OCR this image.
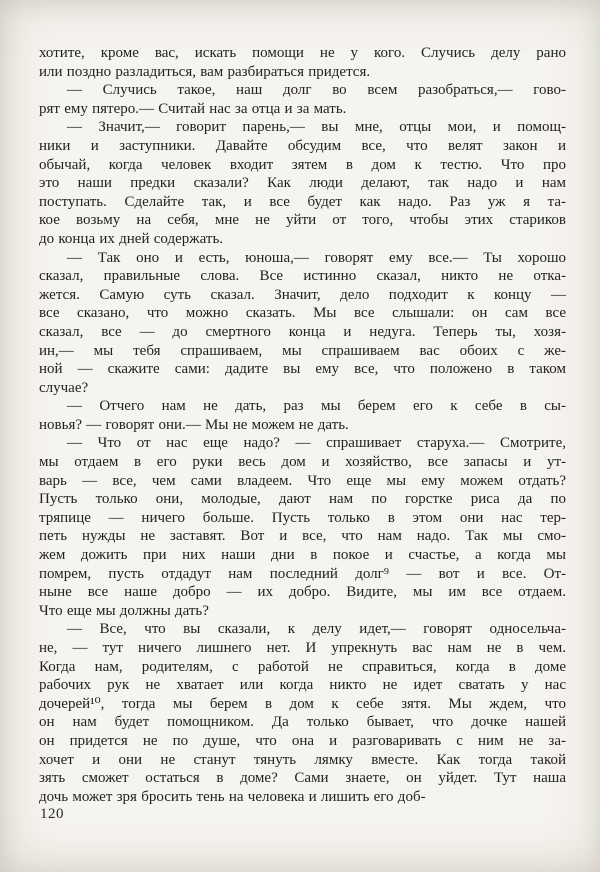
хотите, кроме вас, искать помощи не у кого. Случись делу рано
или поздно разладиться, вам разбираться придется.
— Случись такое, наш долг во всем разобраться,— гово-
рят ему пятеро.— Считай нас за отца и за мать.
— Значит,— говорит парень,— вы мне, отцы мои, и помощ-
ники и заступники. Давайте обсудим все, что велят закон и
обычай, когда человек входит зятем в дом к тестю. Что про
это наши предки сказали? Как люди делают, так надо и нам
поступать. Сделайте так, и все будет как надо. Раз уж я та-
кое возьму на себя, мне не уйти от того, чтобы этих стариков
до конца их дней содержать.
— Так оно и есть, юноша,— говорят ему все.— Ты хорошо
сказал, правильные слова. Все истинно сказал, никто не отка-
жется. Самую суть сказал. Значит, дело подходит к концу —
все сказано, что можно сказать. Мы все слышали: он сам все
сказал, все — до смертного конца и недуга. Теперь ты, хозя-
ин,— мы тебя спрашиваем, мы спрашиваем вас обоих с же-
ной — скажите сами: дадите вы ему все, что положено в таком
случае?
— Отчего нам не дать, раз мы берем его к себе в сы-
новья? — говорят они.— Мы не можем не дать.
— Что от нас еще надо? — спрашивает старуха.— Смотрите,
мы отдаем в его руки весь дом и хозяйство, все запасы и ут-
варь — все, чем сами владеем. Что еще мы ему можем отдать?
Пусть только они, молодые, дают нам по горстке риса да по
тряпице — ничего больше. Пусть только в этом они нас тер-
петь нужды не заставят. Вот и все, что нам надо. Так мы смо-
жем дожить при них наши дни в покое и счастье, а когда мы
помрем, пусть отдадут нам последний долг⁹ — вот и все. От-
ныне все наше добро — их добро. Видите, мы им все отдаем.
Что еще мы должны дать?
— Все, что вы сказали, к делу идет,— говорят односельча-
не, — тут ничего лишнего нет. И упрекнуть вас нам не в чем.
Когда нам, родителям, с работой не справиться, когда в доме
рабочих рук не хватает или когда никто не идет сватать у нас
дочерей¹⁰, тогда мы берем в дом к себе зятя. Мы ждем, что
он нам будет помощником. Да только бывает, что дочке нашей
он придется не по душе, что она и разговаривать с ним не за-
хочет и они не станут тянуть лямку вместе. Как тогда такой
зять сможет остаться в доме? Сами знаете, он уйдет. Тут наша
дочь может зря бросить тень на человека и лишить его доб-
120
